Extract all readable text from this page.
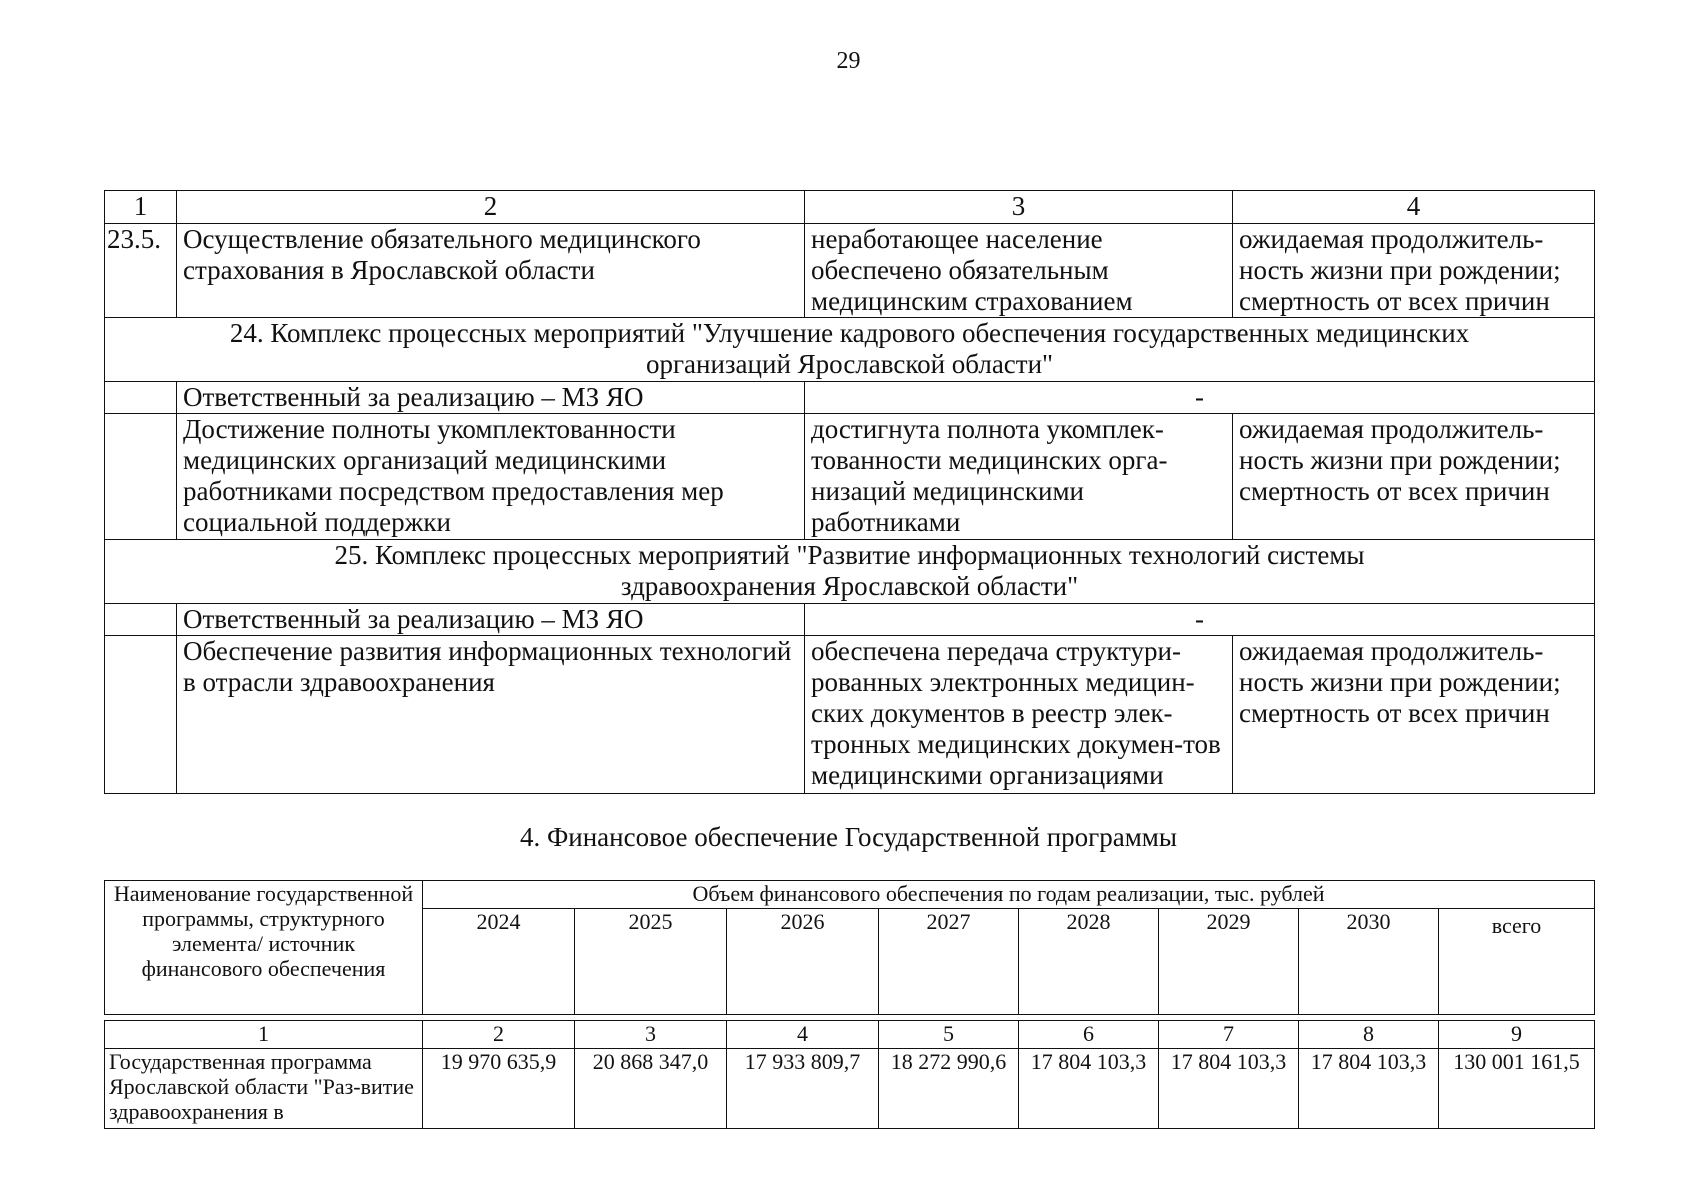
29
1	2	3	4
23.5.	Осуществление обязательного медицинского страхования в Ярославской области	неработающее население обеспечено обязательным медицинским страхованием	ожидаемая продолжитель-ность жизни при рождении; смертность от всех причин
24. Комплекс процессных мероприятий "Улучшение кадрового обеспечения государственных медицинских организаций Ярославской области"			
	Ответственный за реализацию – МЗ ЯО	-	
	Достижение полноты укомплектованности медицинских организаций медицинскими работниками посредством предоставления мер социальной поддержки	достигнута полнота укомплек-тованности медицинских орга-низаций медицинскими работниками	ожидаемая продолжитель-ность жизни при рождении; смертность от всех причин
25. Комплекс процессных мероприятий "Развитие информационных технологий системы здравоохранения Ярославской области"			
	Ответственный за реализацию – МЗ ЯО	-	
	Обеспечение развития информационных технологий в отрасли здравоохранения	обеспечена передача структури-рованных электронных медицин-ских документов в реестр элек-тронных медицинских докумен-тов медицинскими организациями	ожидаемая продолжитель-ность жизни при рождении; смертность от всех причин
4. Финансовое обеспечение Государственной программы
Наименование государственной программы, структурного элемента/ источник финансового обеспечения	Объем финансового обеспечения по годам реализации, тыс. рублей							
	2024	2025	2026	2027	2028	2029	2030	всего
1	2	3	4	5	6	7	8	9
Государственная программа Ярославской области "Раз-витие здравоохранения в	19 970 635,9	20 868 347,0	17 933 809,7	18 272 990,6	17 804 103,3	17 804 103,3	17 804 103,3	130 001 161,5
